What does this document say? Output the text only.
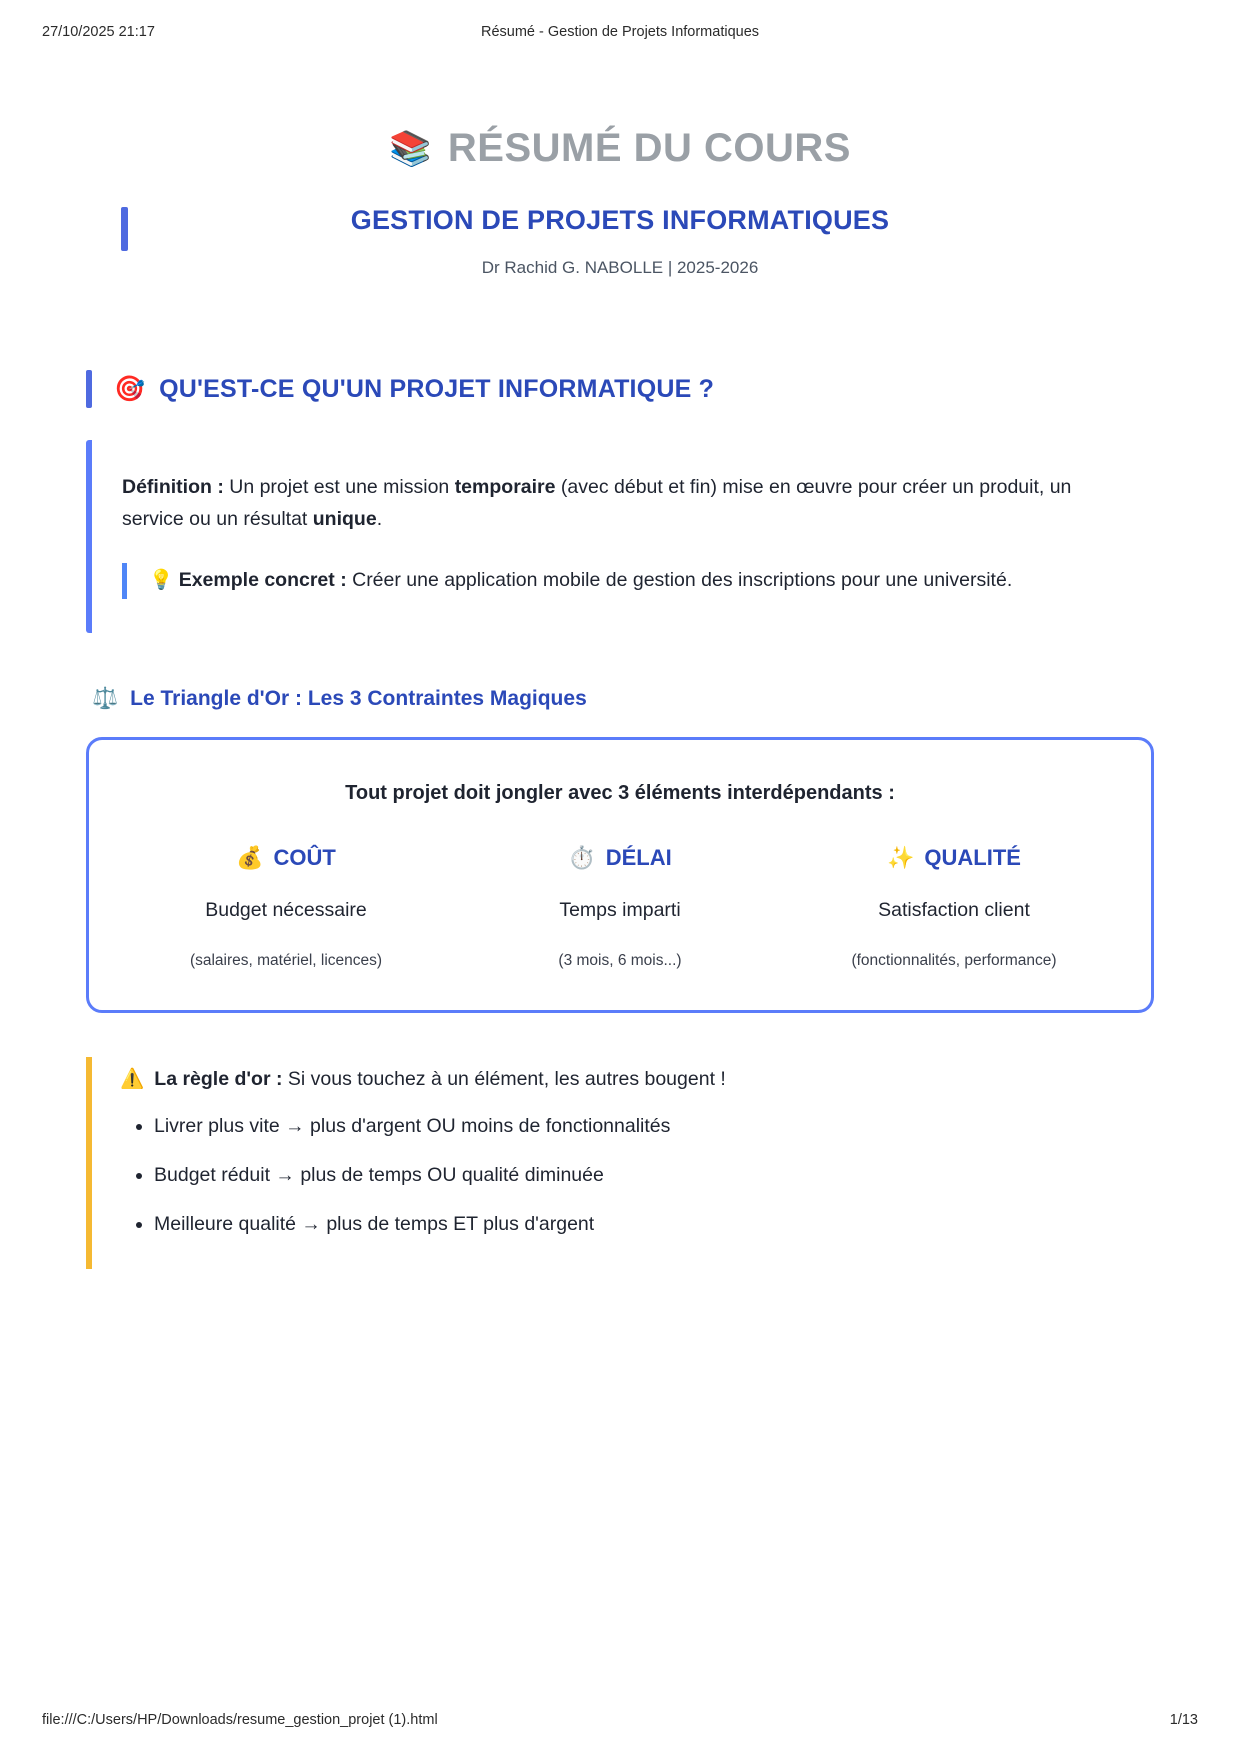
27/10/2025 21:17	Résumé - Gestion de Projets Informatiques
📚 RÉSUMÉ DU COURS
GESTION DE PROJETS INFORMATIQUES
Dr Rachid G. NABOLLE | 2025-2026
🎯 QU'EST-CE QU'UN PROJET INFORMATIQUE ?
Définition : Un projet est une mission temporaire (avec début et fin) mise en œuvre pour créer un produit, un service ou un résultat unique.
💡 Exemple concret : Créer une application mobile de gestion des inscriptions pour une université.
⚖️ Le Triangle d'Or : Les 3 Contraintes Magiques
Tout projet doit jongler avec 3 éléments interdépendants :
💰 COÛT
Budget nécessaire
(salaires, matériel, licences)
⏱️ DÉLAI
Temps imparti
(3 mois, 6 mois...)
✨ QUALITÉ
Satisfaction client
(fonctionnalités, performance)
⚠️ La règle d'or : Si vous touchez à un élément, les autres bougent !
• Livrer plus vite → plus d'argent OU moins de fonctionnalités
• Budget réduit → plus de temps OU qualité diminuée
• Meilleure qualité → plus de temps ET plus d'argent
file:///C:/Users/HP/Downloads/resume_gestion_projet (1).html	1/13
